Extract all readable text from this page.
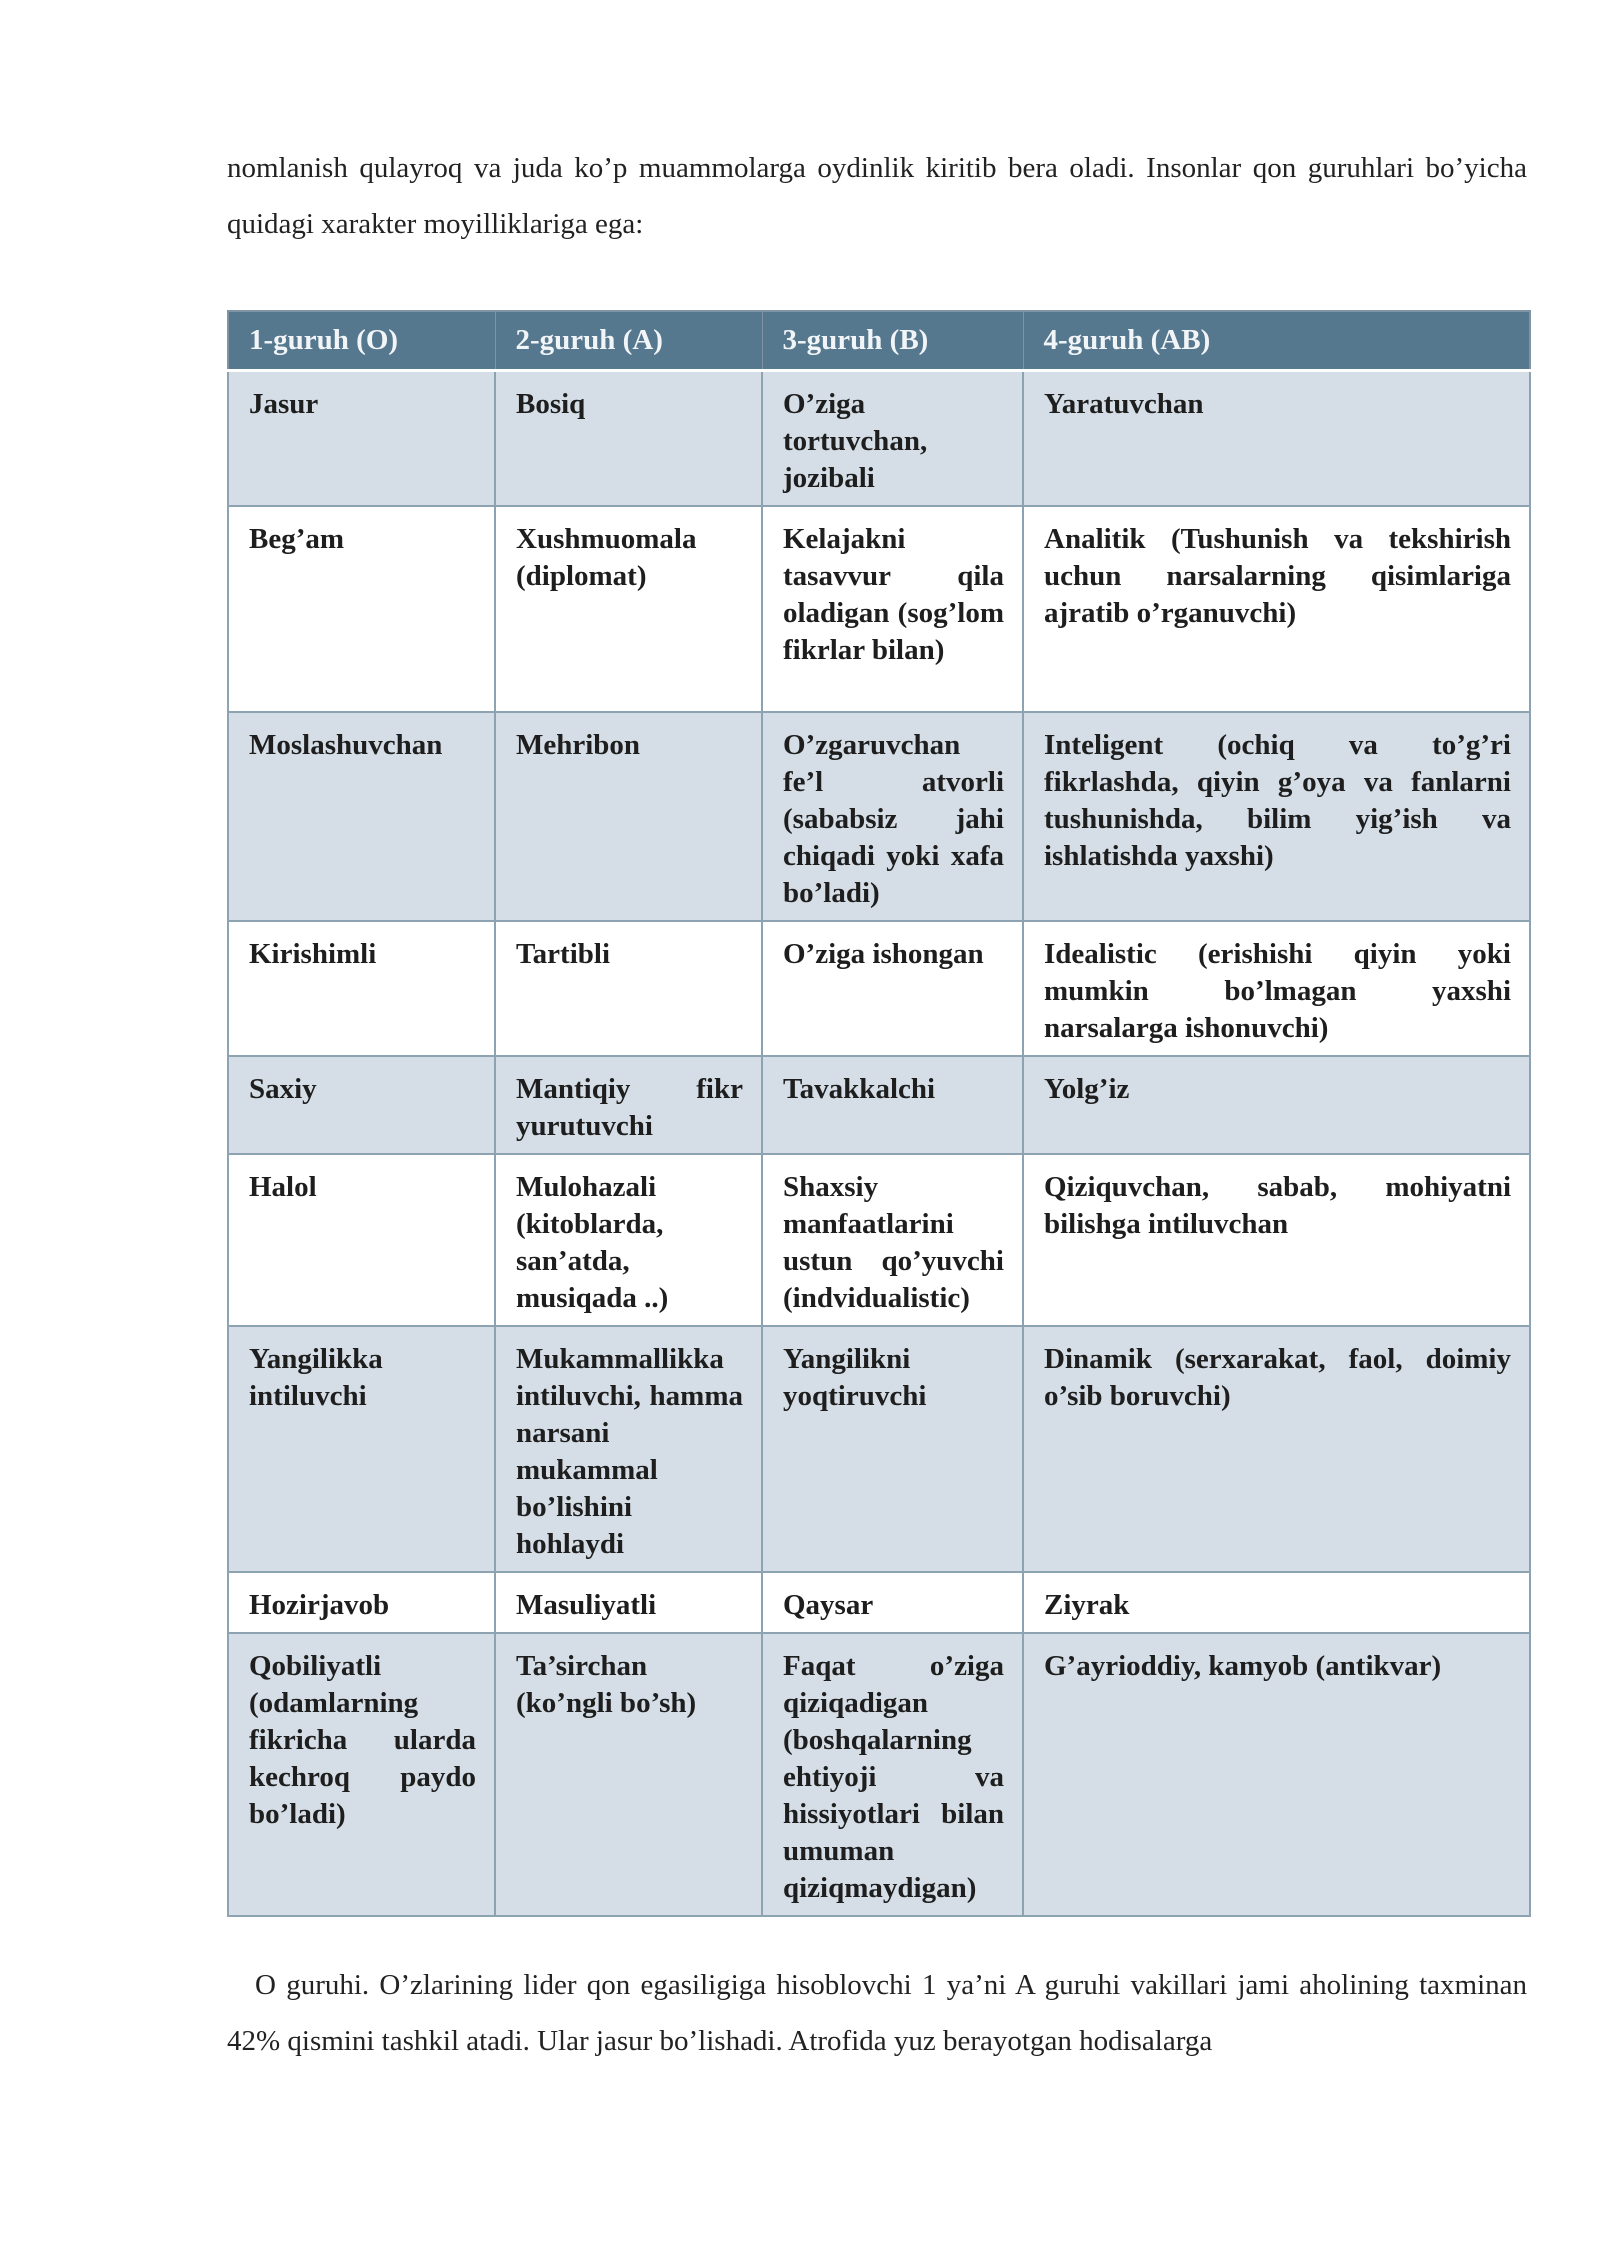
nomlanish qulayroq va juda ko’p muammolarga oydinlik kiritib bera oladi. Insonlar qon guruhlari bo’yicha quidagi xarakter moyilliklariga ega:

1-guruh (O)	2-guruh (A)	3-guruh (B)	4-guruh (AB)
Jasur	Bosiq	O’ziga tortuvchan, jozibali	Yaratuvchan
Beg’am	Xushmuomala (diplomat)	Kelajakni tasavvur qila oladigan (sog’lom fikrlar bilan)	Analitik (Tushunish va tekshirish uchun narsalarning qisimlariga ajratib o’rganuvchi)
Moslashuvchan	Mehribon	O’zgaruvchan fe’l atvorli (sababsiz jahi chiqadi yoki xafa bo’ladi)	Inteligent (ochiq va to’g’ri fikrlashda, qiyin g’oya va fanlarni tushunishda, bilim yig’ish va ishlatishda yaxshi)
Kirishimli	Tartibli	O’ziga ishongan	Idealistic (erishishi qiyin yoki mumkin bo’lmagan yaxshi narsalarga ishonuvchi)
Saxiy	Mantiqiy fikr yurutuvchi	Tavakkalchi	Yolg’iz
Halol	Mulohazali (kitoblarda, san’atda, musiqada ..)	Shaxsiy manfaatlarini ustun qo’yuvchi (indvidualistic)	Qiziquvchan, sabab, mohiyatni bilishga intiluvchan
Yangilikka intiluvchi	Mukammallikka intiluvchi, hamma narsani mukammal bo’lishini hohlaydi	Yangilikni yoqtiruvchi	Dinamik (serxarakat, faol, doimiy o’sib boruvchi)
Hozirjavob	Masuliyatli	Qaysar	Ziyrak
Qobiliyatli (odamlarning fikricha ularda kechroq paydo bo’ladi)	Ta’sirchan (ko’ngli bo’sh)	Faqat o’ziga qiziqadigan (boshqalarning ehtiyoji va hissiyotlari bilan umuman qiziqmaydigan)	G’ayrioddiy, kamyob (antikvar)

O guruhi. O’zlarining lider qon egasiligiga hisoblovchi 1 ya’ni A guruhi vakillari jami aholining taxminan 42% qismini tashkil atadi. Ular jasur bo’lishadi. Atrofida yuz berayotgan hodisalarga
